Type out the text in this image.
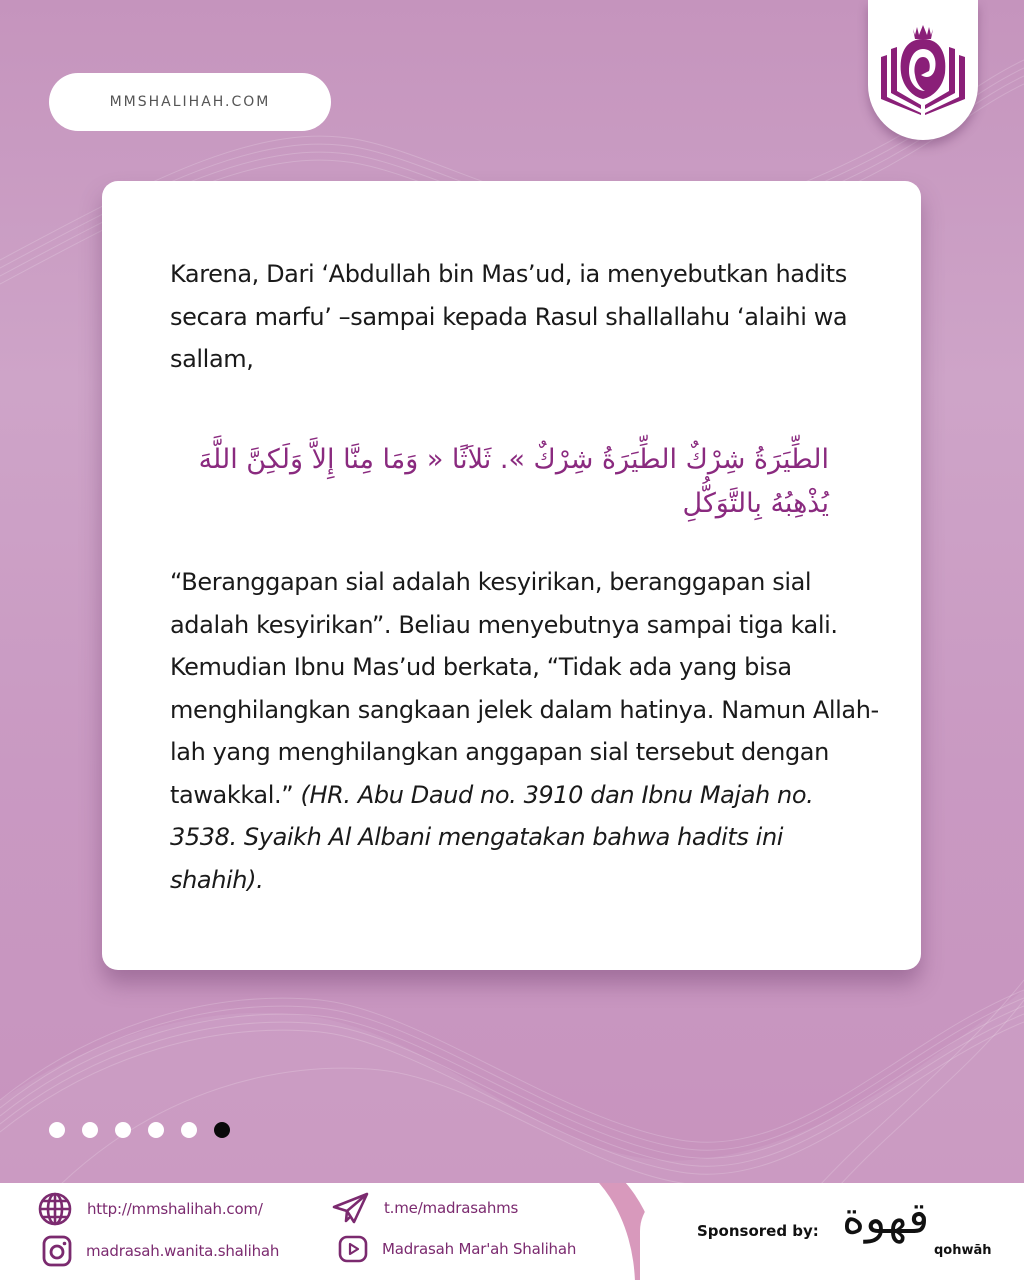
MMSHALIHAH.COM

Karena, Dari ‘Abdullah bin Mas’ud, ia menyebutkan hadits secara marfu’ –sampai kepada Rasul shallallahu ‘alaihi wa sallam,

الطِّيَرَةُ شِرْكٌ الطِّيَرَةُ شِرْكٌ ». ثَلاَثًا « وَمَا مِنَّا إِلاَّ وَلَكِنَّ اللَّهَ يُذْهِبُهُ بِالتَّوَكُّلِ

“Beranggapan sial adalah kesyirikan, beranggapan sial adalah kesyirikan”. Beliau menyebutnya sampai tiga kali. Kemudian Ibnu Mas’ud berkata, “Tidak ada yang bisa menghilangkan sangkaan jelek dalam hatinya. Namun Allah-lah yang menghilangkan anggapan sial tersebut dengan tawakkal.” (HR. Abu Daud no. 3910 dan Ibnu Majah no. 3538. Syaikh Al Albani mengatakan bahwa hadits ini shahih).

http://mmshalihah.com/
madrasah.wanita.shalihah
t.me/madrasahms
Madrasah Mar'ah Shalihah
Sponsored by: قهوة
qohwāh
